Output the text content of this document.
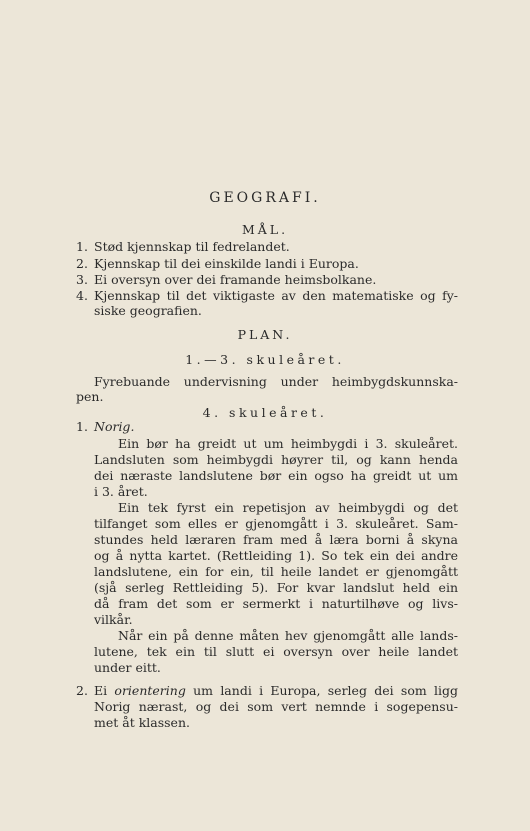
GEOGRAFI.
MÅL.
1. Stød kjennskap til fedrelandet.
2. Kjennskap til dei einskilde landi i Europa.
3. Ei oversyn over dei framande heimsbolkane.
4. Kjennskap til det viktigaste av den matematiske og fy-
siske geografien.
PLAN.
1.—3. skuleåret.
Fyrebuande undervisning under heimbygdskunnska-
pen.
4. skuleåret.
1. Norig.
Ein bør ha greidt ut um heimbygdi i 3. skuleåret.
Landsluten som heimbygdi høyrer til, og kann henda
dei næraste landslutene bør ein ogso ha greidt ut um
i 3. året.
Ein tek fyrst ein repetisjon av heimbygdi og det
tilfanget som elles er gjenomgått i 3. skuleåret. Sam-
stundes held læraren fram med å læra borni å skyna
og å nytta kartet. (Rettleiding 1). So tek ein dei andre
landslutene, ein for ein, til heile landet er gjenomgått
(sjå serleg Rettleiding 5). For kvar landslut held ein
då fram det som er sermerkt i naturtilhøve og livs-
vilkår.
Når ein på denne måten hev gjenomgått alle lands-
lutene, tek ein til slutt ei oversyn over heile landet
under eitt.
2. Ei orientering um landi i Europa, serleg dei som ligg
Norig nærast, og dei som vert nemnde i sogepensu-
met åt klassen.
